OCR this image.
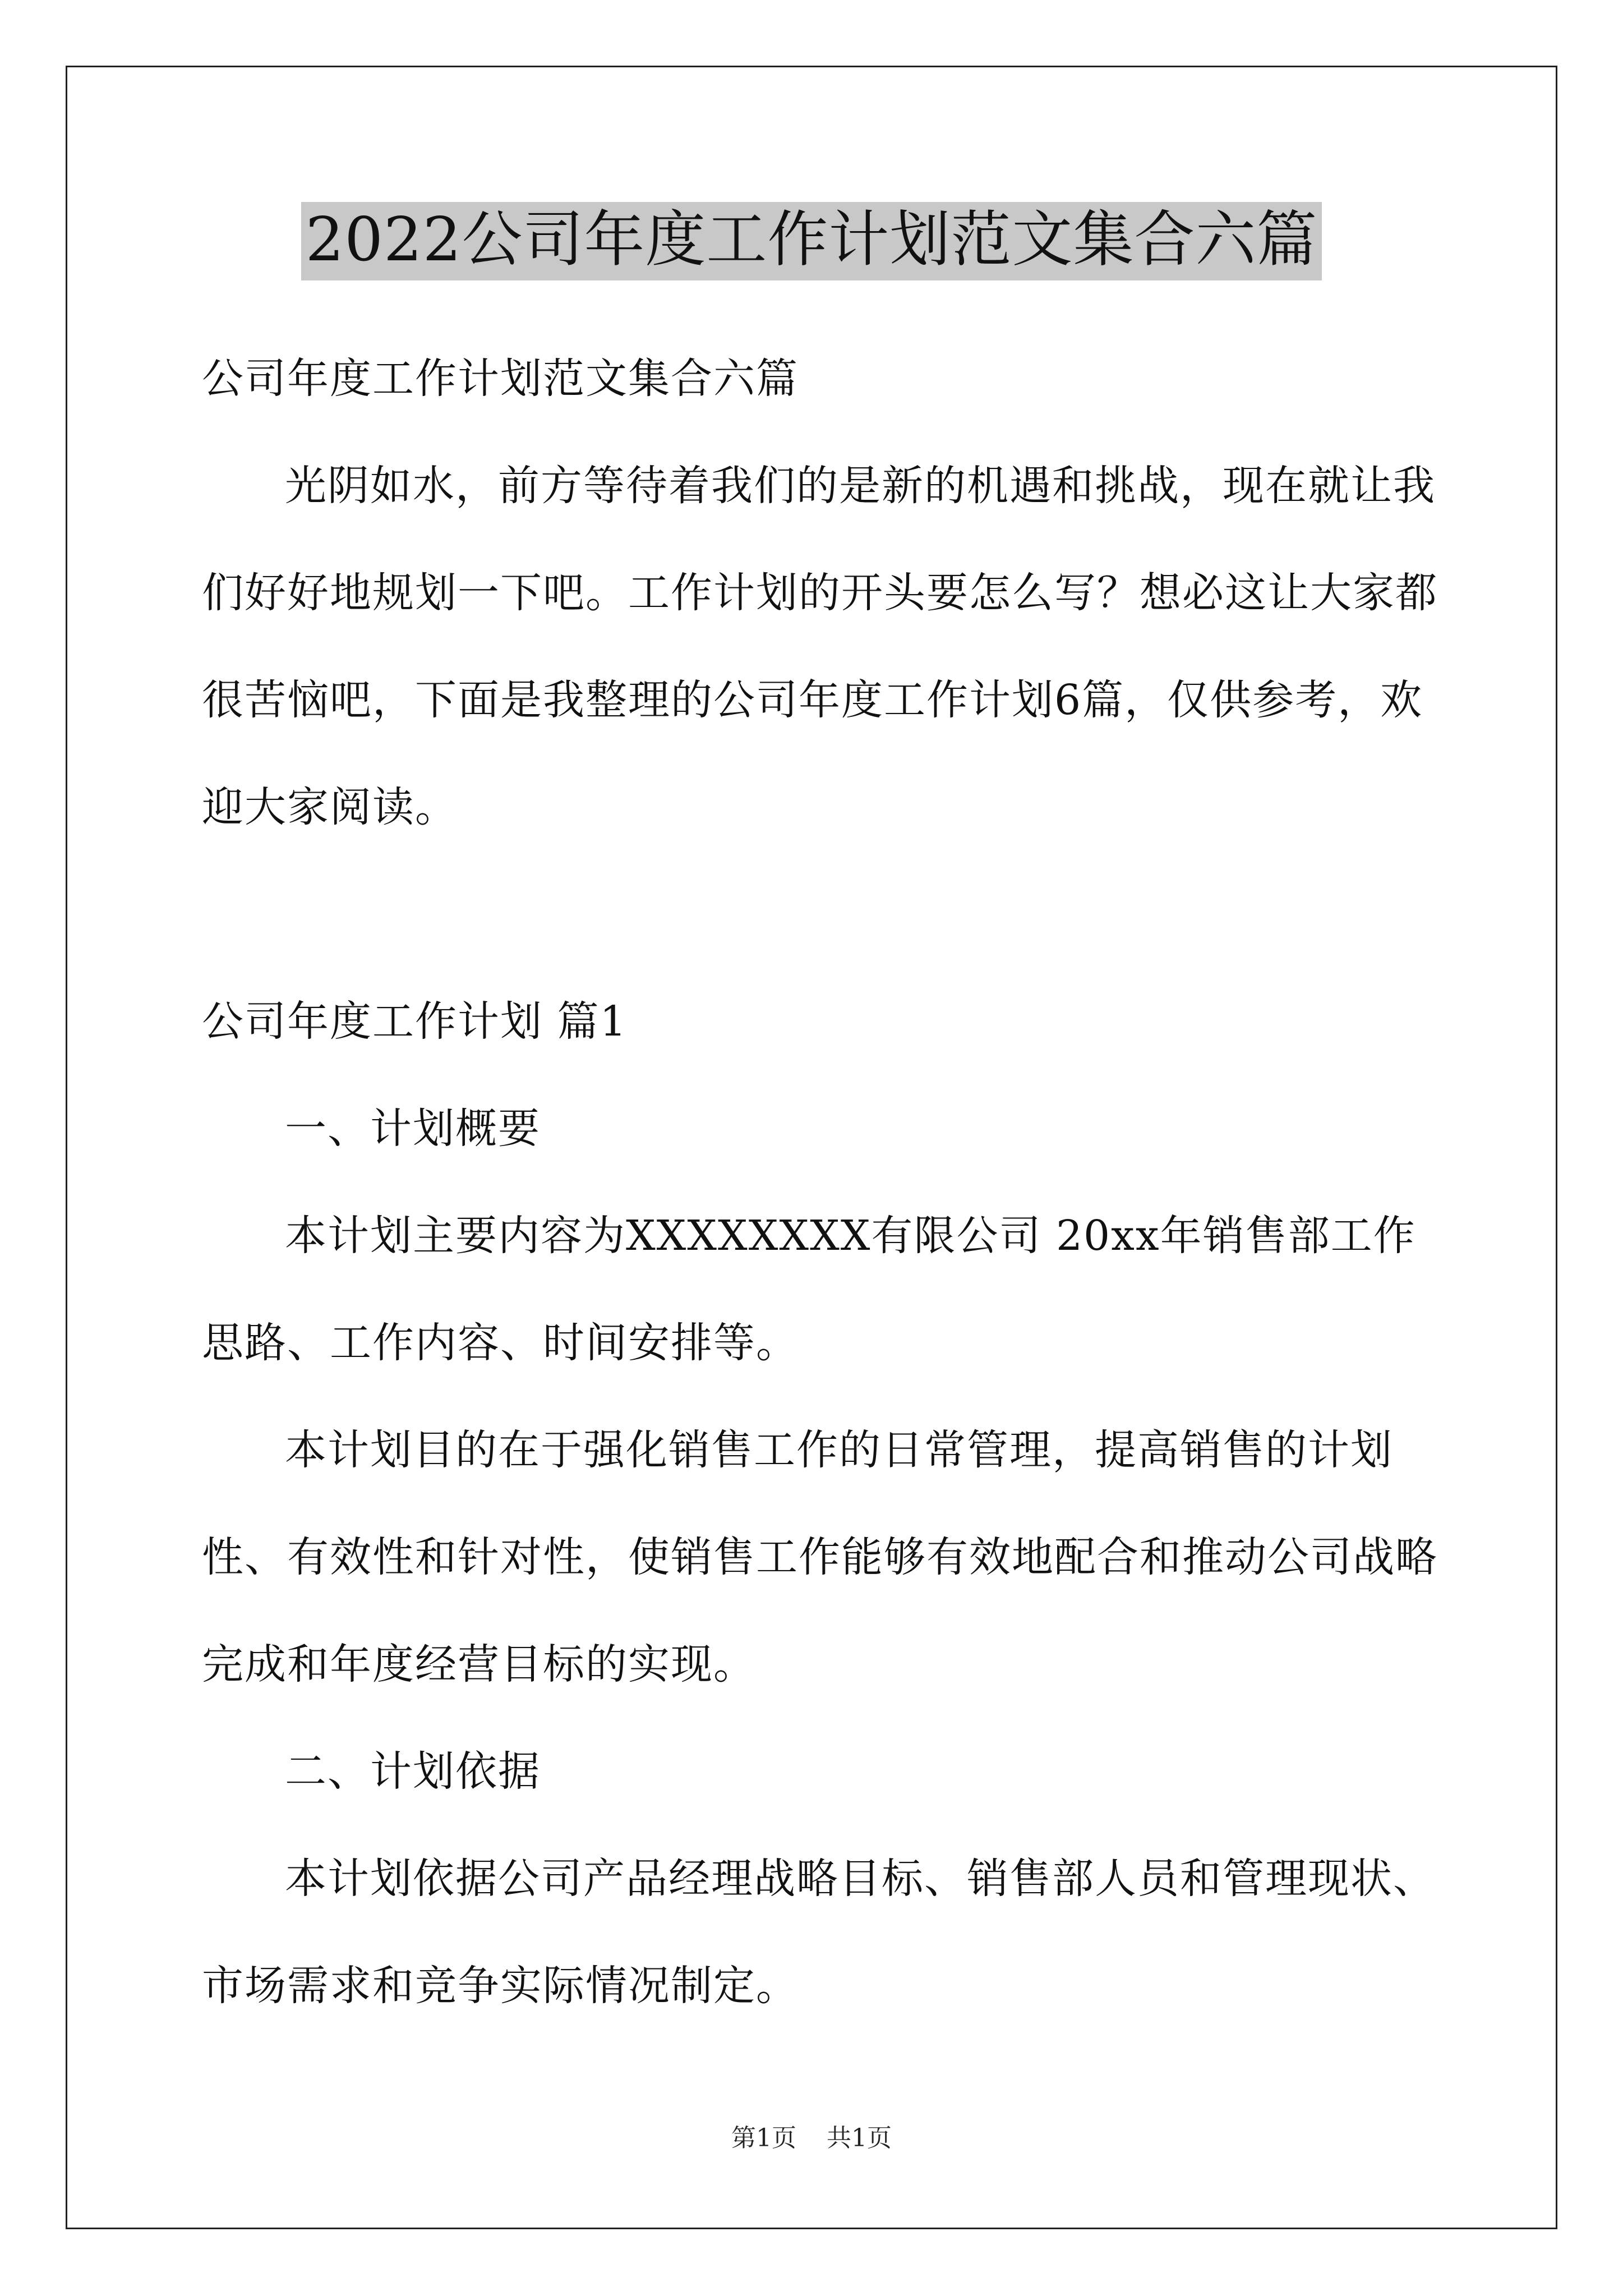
2022公司年度工作计划范文集合六篇

公司年度工作计划范文集合六篇

光阴如水，前方等待着我们的是新的机遇和挑战，现在就让我们好好地规划一下吧。工作计划的开头要怎么写？想必这让大家都很苦恼吧，下面是我整理的公司年度工作计划6篇，仅供参考，欢迎大家阅读。

公司年度工作计划 篇1

一、计划概要

本计划主要内容为XXXXXXXX有限公司 20xx年销售部工作思路、工作内容、时间安排等。

本计划目的在于强化销售工作的日常管理，提高销售的计划性、有效性和针对性，使销售工作能够有效地配合和推动公司战略完成和年度经营目标的实现。

二、计划依据

本计划依据公司产品经理战略目标、销售部人员和管理现状、市场需求和竞争实际情况制定。

第1页 共1页
